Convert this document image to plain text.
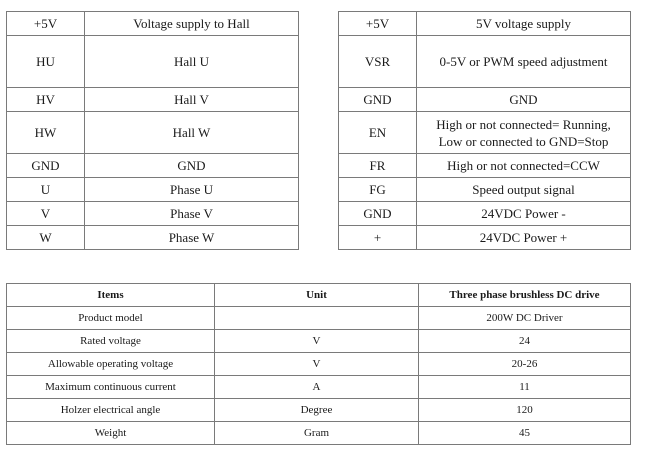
+5V	Voltage supply to Hall
HU	Hall U
HV	Hall V
HW	Hall W
GND	GND
U	Phase U
V	Phase V
W	Phase W
+5V	5V voltage supply
VSR	0-5V or PWM speed adjustment
GND	GND
EN	High or not connected= Running,
Low or connected to GND=Stop

FR	High or not connected=CCW
FG	Speed output signal
GND	24VDC Power -
+	24VDC Power +
Items	Unit	Three phase brushless DC drive
Product model		200W DC Driver
Rated voltage	V	24
Allowable operating voltage	V	20-26
Maximum continuous current	A	11
Holzer electrical angle	Degree	120
Weight	Gram	45
